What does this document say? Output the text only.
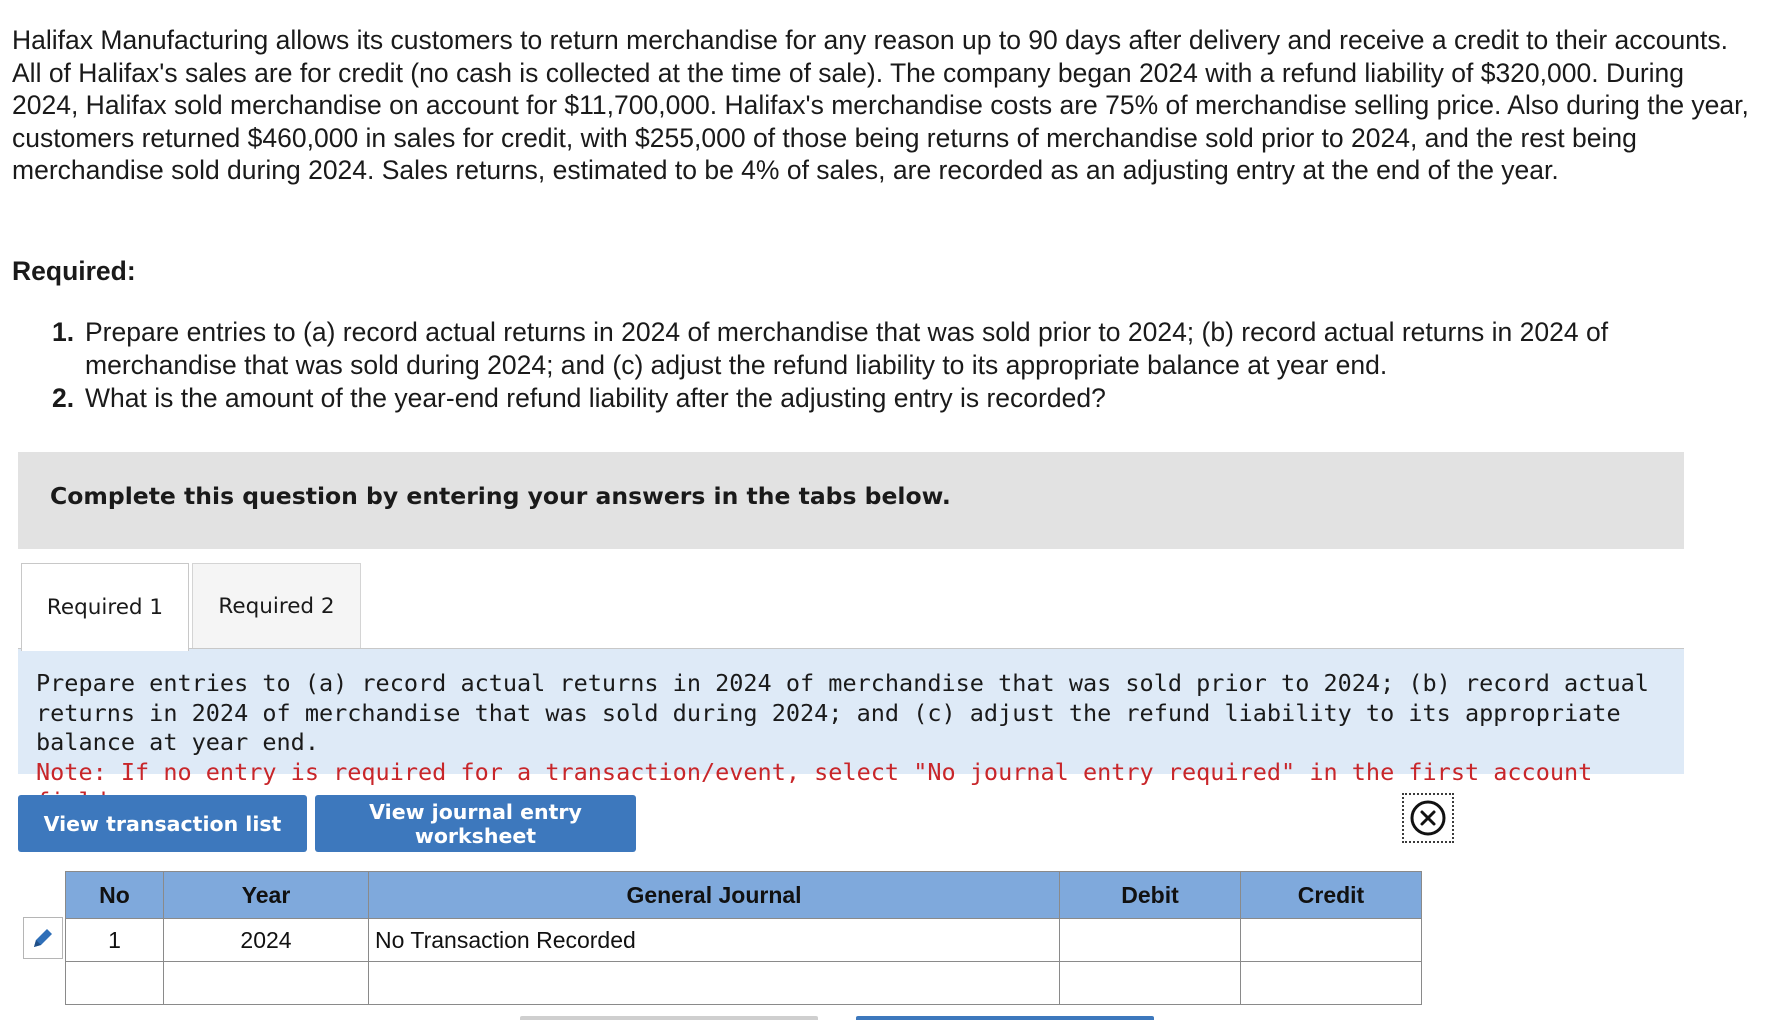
Halifax Manufacturing allows its customers to return merchandise for any reason up to 90 days after delivery and receive a credit to their accounts. All of Halifax's sales are for credit (no cash is collected at the time of sale). The company began 2024 with a refund liability of $320,000. During 2024, Halifax sold merchandise on account for $11,700,000. Halifax's merchandise costs are 75% of merchandise selling price. Also during the year, customers returned $460,000 in sales for credit, with $255,000 of those being returns of merchandise sold prior to 2024, and the rest being merchandise sold during 2024. Sales returns, estimated to be 4% of sales, are recorded as an adjusting entry at the end of the year.

Required:

1. Prepare entries to (a) record actual returns in 2024 of merchandise that was sold prior to 2024; (b) record actual returns in 2024 of merchandise that was sold during 2024; and (c) adjust the refund liability to its appropriate balance at year end.
2. What is the amount of the year-end refund liability after the adjusting entry is recorded?
Complete this question by entering your answers in the tabs below.
Required 1	Required 2
Prepare entries to (a) record actual returns in 2024 of merchandise that was sold prior to 2024; (b) record actual returns in 2024 of merchandise that was sold during 2024; and (c) adjust the refund liability to its appropriate balance at year end.
Note: If no entry is required for a transaction/event, select "No journal entry required" in the first account
View transaction list	View journal entry worksheet
No	Year	General Journal	Debit	Credit
1	2024	No Transaction Recorded		
